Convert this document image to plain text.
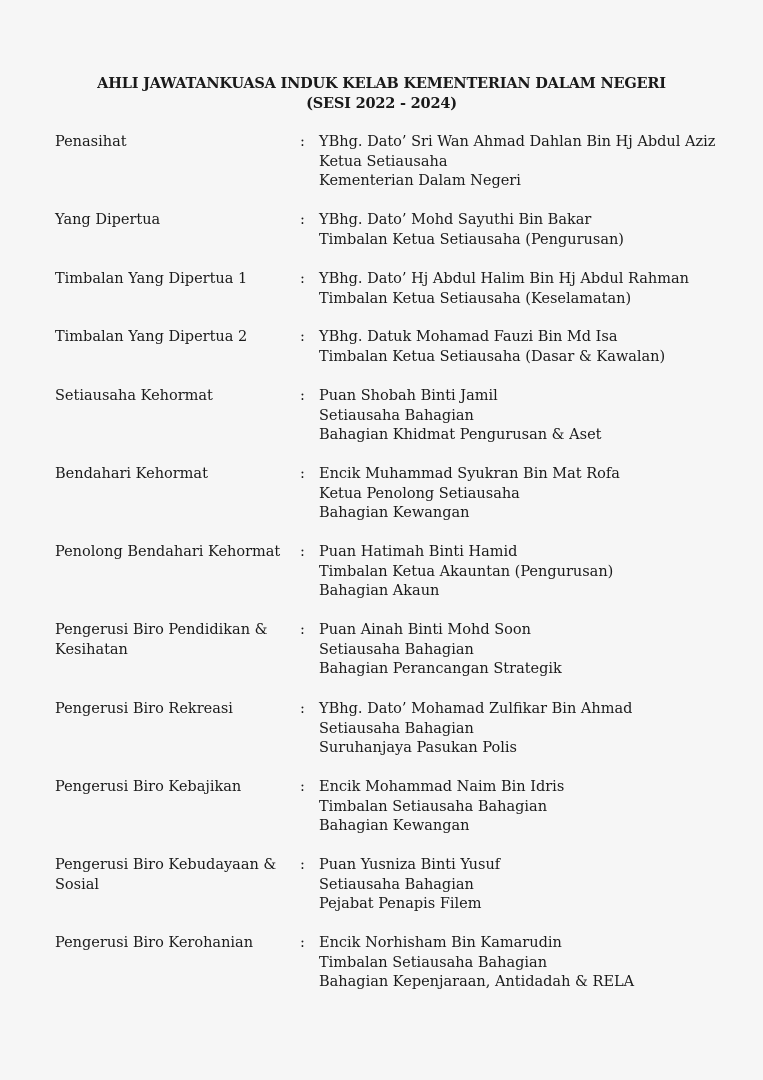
AHLI JAWATANKUASA INDUK KELAB KEMENTERIAN DALAM NEGERI
(SESI 2022 - 2024)
Penasihat	: YBhg. Dato’ Sri Wan Ahmad Dahlan Bin Hj Abdul Aziz
Ketua Setiausaha
Kementerian Dalam Negeri
Yang Dipertua	: YBhg. Dato’ Mohd Sayuthi Bin Bakar
Timbalan Ketua Setiausaha (Pengurusan)
Timbalan Yang Dipertua 1	: YBhg. Dato’ Hj Abdul Halim Bin Hj Abdul Rahman
Timbalan Ketua Setiausaha (Keselamatan)
Timbalan Yang Dipertua 2	: YBhg. Datuk Mohamad Fauzi Bin Md Isa
Timbalan Ketua Setiausaha (Dasar & Kawalan)
Setiausaha Kehormat	: Puan Shobah Binti Jamil
Setiausaha Bahagian
Bahagian Khidmat Pengurusan & Aset
Bendahari Kehormat	: Encik Muhammad Syukran Bin Mat Rofa
Ketua Penolong Setiausaha
Bahagian Kewangan
Penolong Bendahari Kehormat	: Puan Hatimah Binti Hamid
Timbalan Ketua Akauntan (Pengurusan)
Bahagian Akaun
Pengerusi Biro Pendidikan &
Kesihatan
: Puan Ainah Binti Mohd Soon
Setiausaha Bahagian
Bahagian Perancangan Strategik
Pengerusi Biro Rekreasi	: YBhg. Dato’ Mohamad Zulfikar Bin Ahmad
Setiausaha Bahagian
Suruhanjaya Pasukan Polis
Pengerusi Biro Kebajikan	: Encik Mohammad Naim Bin Idris
Timbalan Setiausaha Bahagian
Bahagian Kewangan
Pengerusi Biro Kebudayaan &
Sosial
: Puan Yusniza Binti Yusuf
Setiausaha Bahagian
Pejabat Penapis Filem
Pengerusi Biro Kerohanian	: Encik Norhisham Bin Kamarudin
Timbalan Setiausaha Bahagian
Bahagian Kepenjaraan, Antidadah & RELA
